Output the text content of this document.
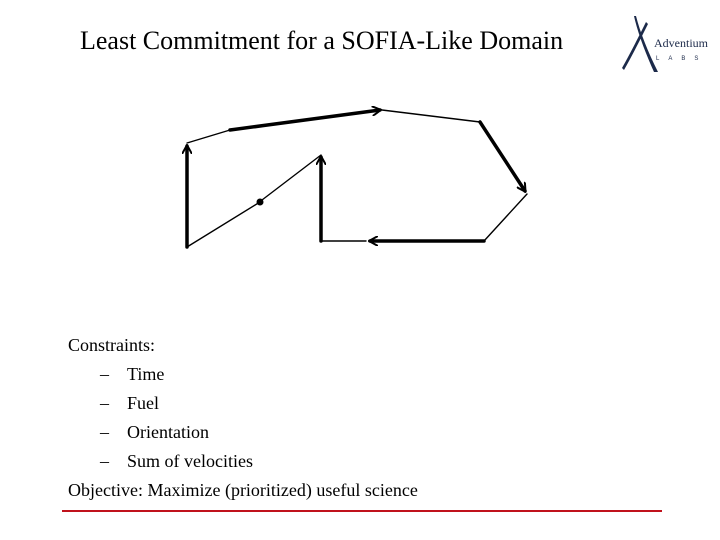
Least Commitment for a SOFIA-Like Domain	Adventium
LABS
Constraints:
– Time
– Fuel
– Orientation
– Sum of velocities
Objective: Maximize (prioritized) useful science
